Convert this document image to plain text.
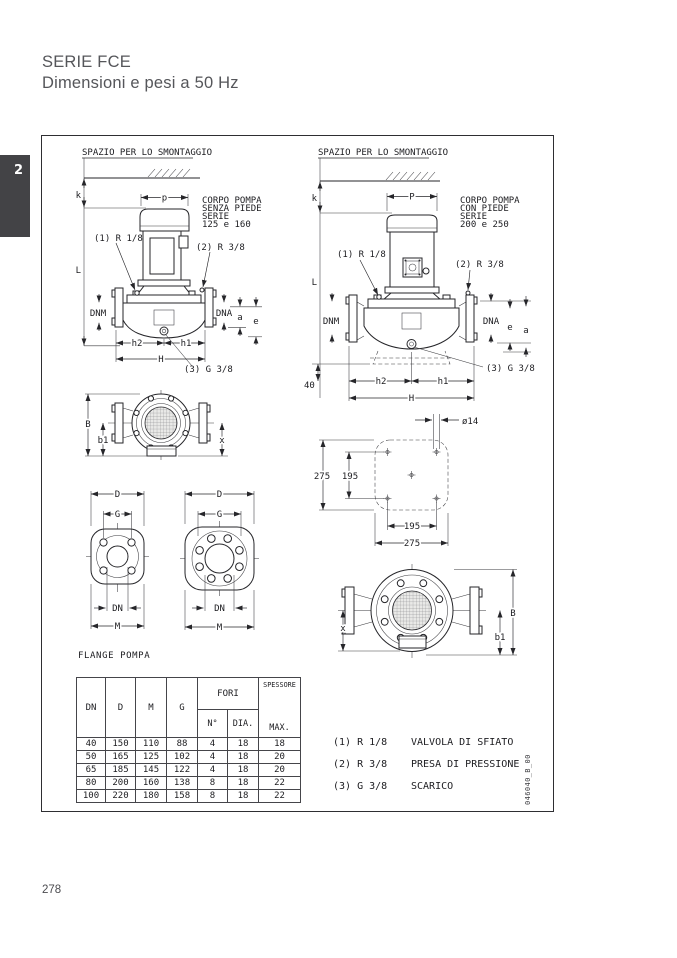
SERIE FCE
Dimensioni e pesi a 50 Hz
2
SPAZIO PER LO SMONTAGGIO
k
L
p	CORPO POMPA
SENZA PIEDE
SERIE
125 e 160
(1) R 1/8
(2) R 3/8
(3) G 3/8
DNM	DNA a e
h2	h1
H
B
b1	x
D
G
DN
M
D
G
DN
M
FLANGE POMPA
SPAZIO PER LO SMONTAGGIO
k
L
P	CORPO POMPA
CON PIEDE
SERIE
200 e 250
(1) R 1/8
(2) R 3/8
(3) G 3/8
DNM	DNA
e a
40	h2	h1
H
ø14
275 195
195
275
x
B
b1
DN	D	M	G	FORI		SPESSORE
MAX.

				N°	DIA.	
40	150	110	88	4	18	18
50	165	125	102	4	18	20
65	185	145	122	4	18	20
80	200	160	138	8	18	22
100	220	180	158	8	18	22
(1) R 1/8	VALVOLA DI SFIATO
(2) R 3/8	PRESA DI PRESSIONE
(3) G 3/8	SCARICO	046040_B_00
278
